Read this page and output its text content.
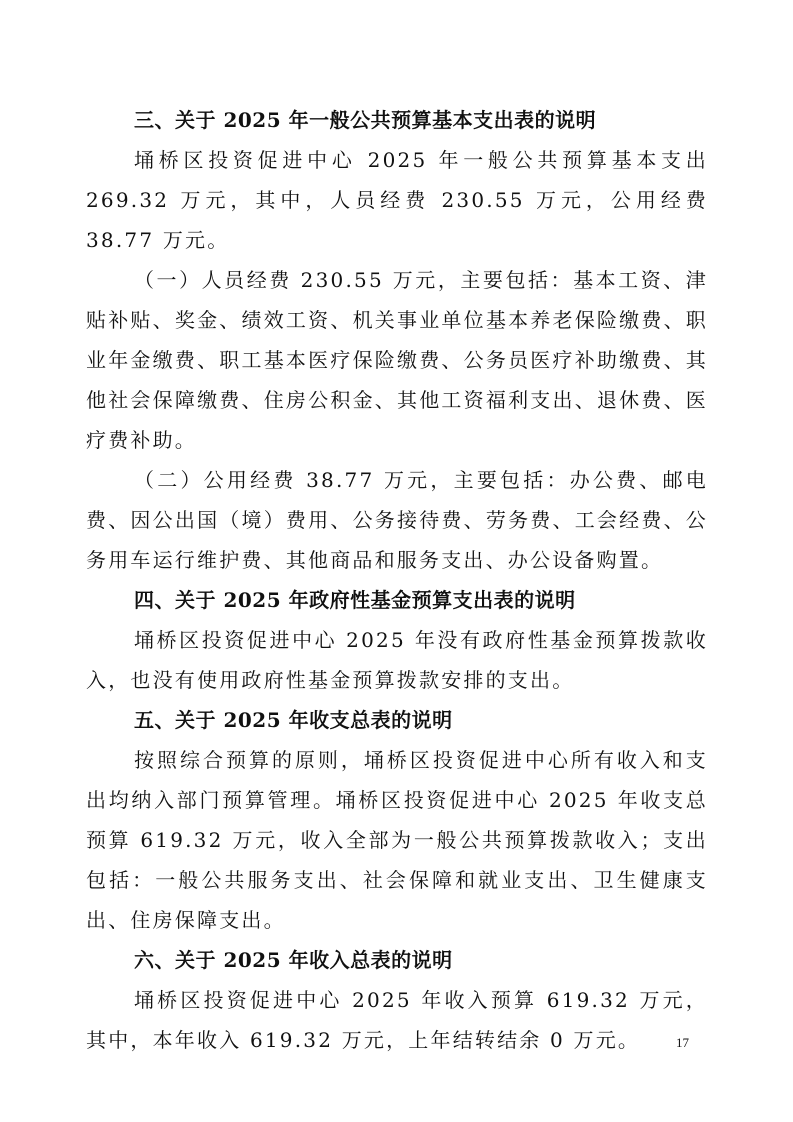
三、关于 2025 年一般公共预算基本支出表的说明

埇桥区投资促进中心 2025 年一般公共预算基本支出 269.32 万元，其中，人员经费 230.55 万元，公用经费 38.77 万元。

（一）人员经费 230.55 万元，主要包括：基本工资、津贴补贴、奖金、绩效工资、机关事业单位基本养老保险缴费、职业年金缴费、职工基本医疗保险缴费、公务员医疗补助缴费、其他社会保障缴费、住房公积金、其他工资福利支出、退休费、医疗费补助。

（二）公用经费 38.77 万元，主要包括：办公费、邮电费、因公出国（境）费用、公务接待费、劳务费、工会经费、公务用车运行维护费、其他商品和服务支出、办公设备购置。

四、关于 2025 年政府性基金预算支出表的说明

埇桥区投资促进中心 2025 年没有政府性基金预算拨款收入，也没有使用政府性基金预算拨款安排的支出。

五、关于 2025 年收支总表的说明

按照综合预算的原则，埇桥区投资促进中心所有收入和支出均纳入部门预算管理。埇桥区投资促进中心 2025 年收支总预算 619.32 万元，收入全部为一般公共预算拨款收入；支出包括：一般公共服务支出、社会保障和就业支出、卫生健康支出、住房保障支出。

六、关于 2025 年收入总表的说明

埇桥区投资促进中心 2025 年收入预算 619.32 万元，其中，本年收入 619.32 万元，上年结转结余 0 万元。	17
